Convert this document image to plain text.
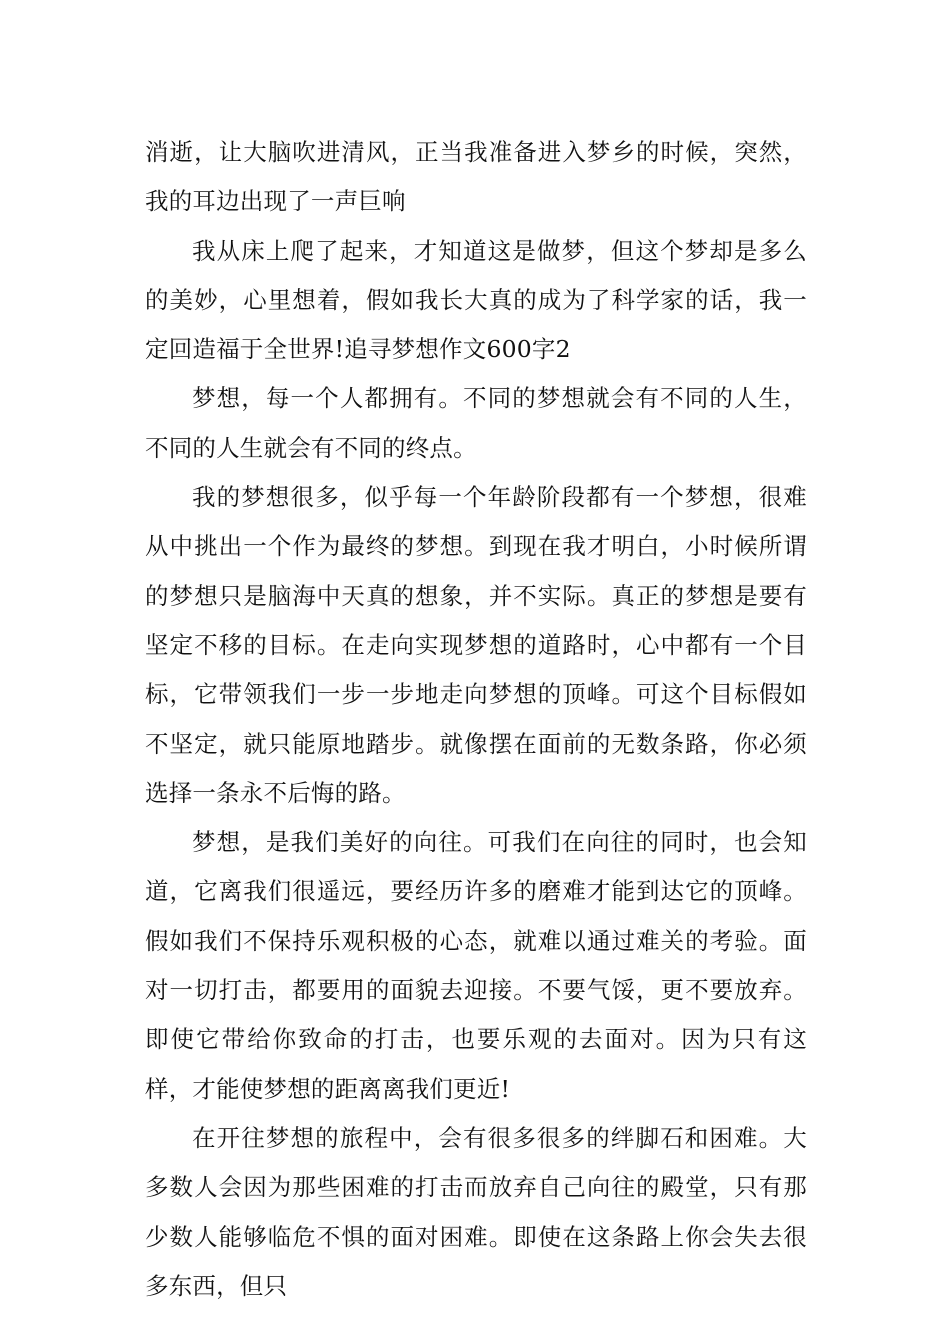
消逝，让大脑吹进清风，正当我准备进入梦乡的时候，突然，我的耳边出现了一声巨响

我从床上爬了起来，才知道这是做梦，但这个梦却是多么的美妙，心里想着，假如我长大真的成为了科学家的话，我一定回造福于全世界!追寻梦想作文600字2

梦想，每一个人都拥有。不同的梦想就会有不同的人生，不同的人生就会有不同的终点。

我的梦想很多，似乎每一个年龄阶段都有一个梦想，很难从中挑出一个作为最终的梦想。到现在我才明白，小时候所谓的梦想只是脑海中天真的想象，并不实际。真正的梦想是要有坚定不移的目标。在走向实现梦想的道路时，心中都有一个目标，它带领我们一步一步地走向梦想的顶峰。可这个目标假如不坚定，就只能原地踏步。就像摆在面前的无数条路，你必须选择一条永不后悔的路。

梦想，是我们美好的向往。可我们在向往的同时，也会知道，它离我们很遥远，要经历许多的磨难才能到达它的顶峰。假如我们不保持乐观积极的心态，就难以通过难关的考验。面对一切打击，都要用的面貌去迎接。不要气馁，更不要放弃。即使它带给你致命的打击，也要乐观的去面对。因为只有这样，才能使梦想的距离离我们更近!

在开往梦想的旅程中，会有很多很多的绊脚石和困难。大多数人会因为那些困难的打击而放弃自己向往的殿堂，只有那少数人能够临危不惧的面对困难。即使在这条路上你会失去很多东西，但只
